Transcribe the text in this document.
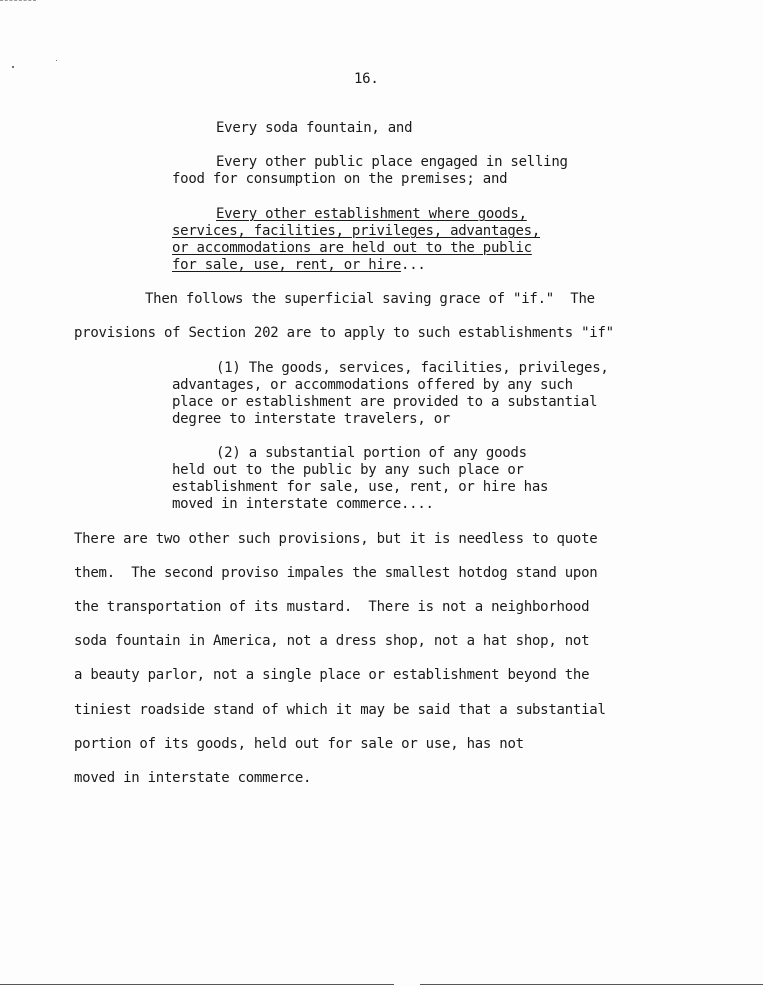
16.
Every soda fountain, and
Every other public place engaged in selling
food for consumption on the premises; and
Every other establishment where goods,
services, facilities, privileges, advantages,
or accommodations are held out to the public
for sale, use, rent, or hire...
Then follows the superficial saving grace of "if."  The
provisions of Section 202 are to apply to such establishments "if"
(1) The goods, services, facilities, privileges,
advantages, or accommodations offered by any such
place or establishment are provided to a substantial
degree to interstate travelers, or
(2) a substantial portion of any goods
held out to the public by any such place or
establishment for sale, use, rent, or hire has
moved in interstate commerce....
There are two other such provisions, but it is needless to quote
them.  The second proviso impales the smallest hotdog stand upon
the transportation of its mustard.  There is not a neighborhood
soda fountain in America, not a dress shop, not a hat shop, not
a beauty parlor, not a single place or establishment beyond the
tiniest roadside stand of which it may be said that a substantial
portion of its goods, held out for sale or use, has not
moved in interstate commerce.
